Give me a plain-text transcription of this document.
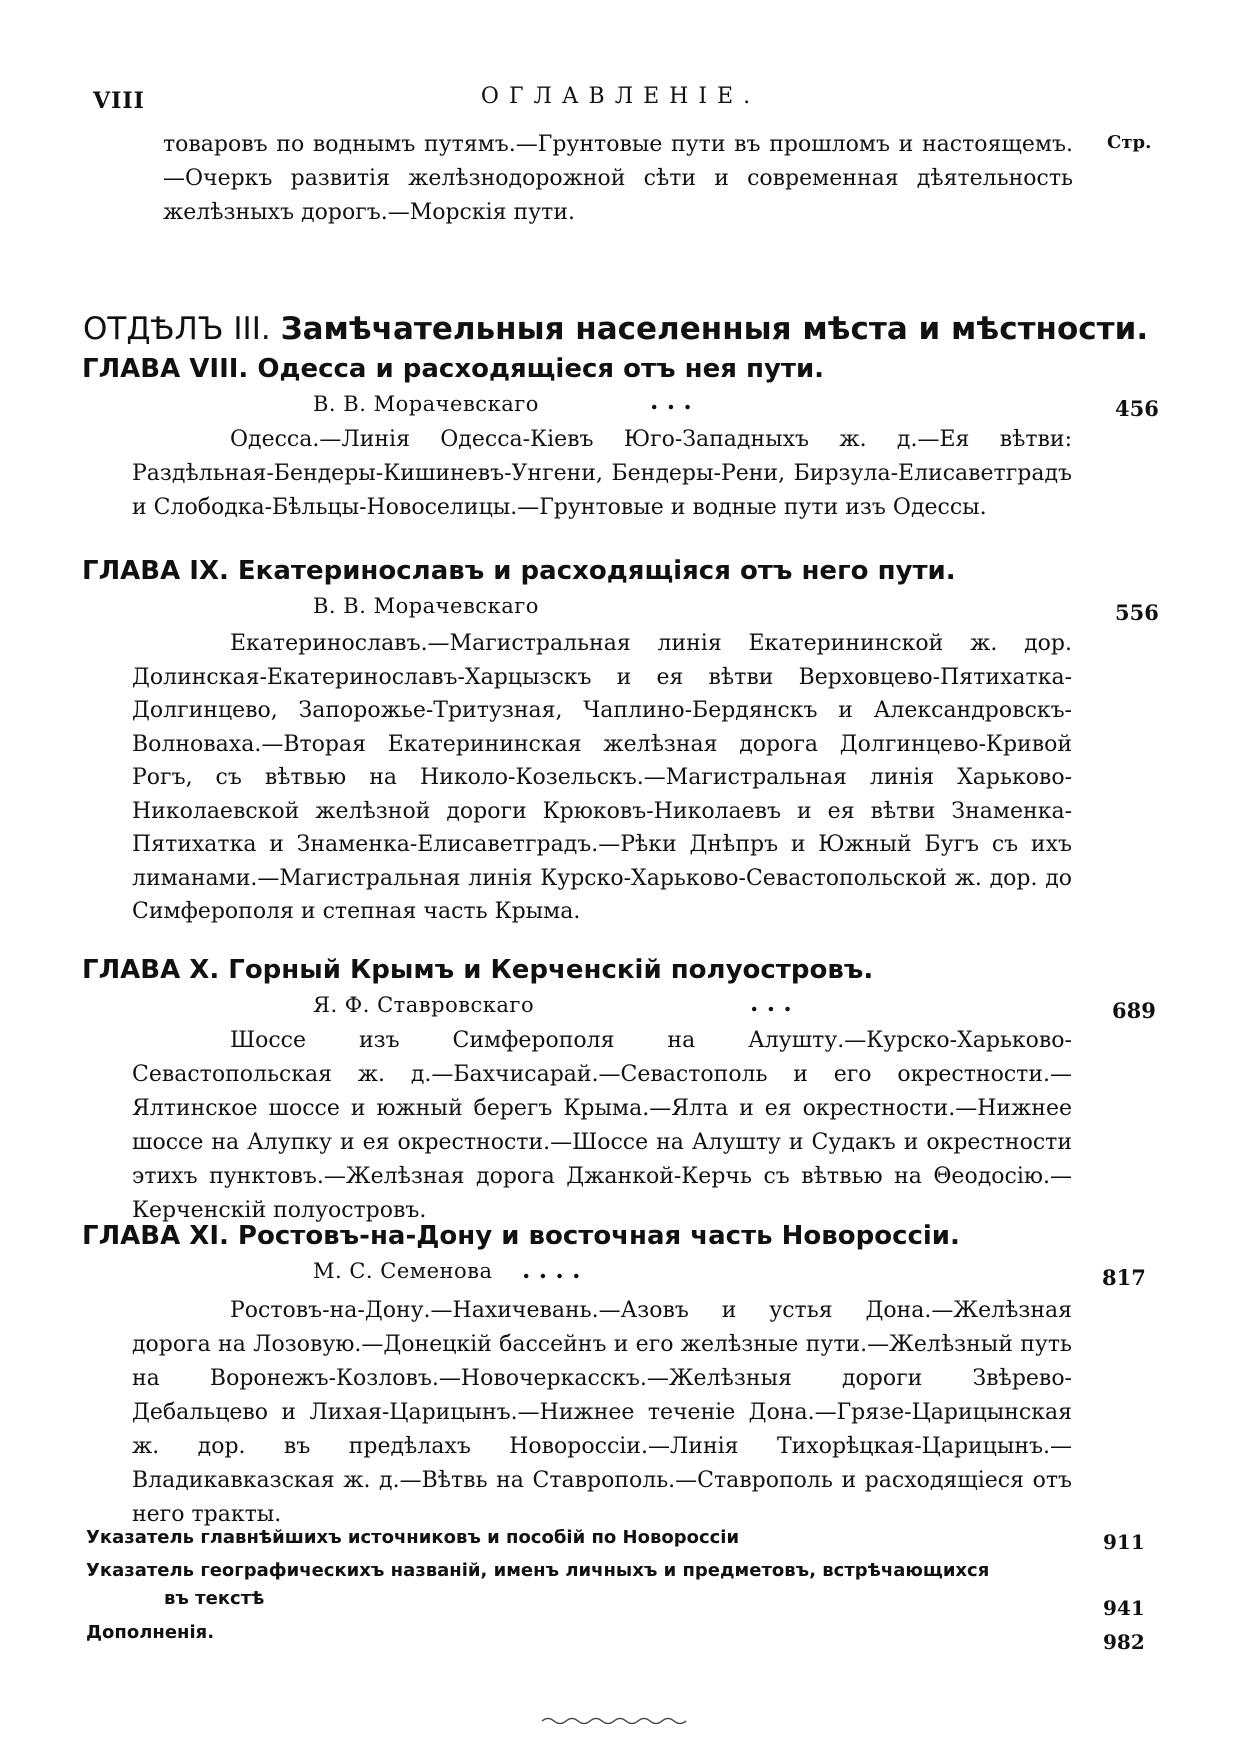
VIII	ОГЛАВЛЕНІЕ.
Стр.
товаровъ по воднымъ путямъ.—Грунтовые пути въ прошломъ и настоящемъ.—Очеркъ развитія желѣзнодорожной сѣти и современная дѣятельность желѣзныхъ дорогъ.—Морскія пути.
ОТДѢЛЪ III. Замѣчательныя населенныя мѣста и мѣстности.
ГЛАВА VIII. Одесса и расходящіеся отъ нея пути.
В. В. Морачевскаго	. . .	456
Одесса.—Линія Одесса-Кіевъ Юго-Западныхъ ж. д.—Ея вѣтви: Раздѣльная-Бендеры-Кишиневъ-Унгени, Бендеры-Рени, Бирзула-Елисаветградъ и Слободка-Бѣльцы-Новоселицы.—Грунтовые и водные пути изъ Одессы.
ГЛАВА IX. Екатеринославъ и расходящіяся отъ него пути.
В. В. Морачевскаго	556
Екатеринославъ.—Магистральная линія Екатерининской ж. дор. Долинская-Екатеринославъ-Харцызскъ и ея вѣтви Верховцево-Пятихатка-Долгинцево, Запорожье-Тритузная, Чаплино-Бердянскъ и Александровскъ-Волноваха.—Вторая Екатерининская желѣзная дорога Долгинцево-Кривой Рогъ, съ вѣтвью на Николо-Козельскъ.—Магистральная линія Харьково-Николаевской желѣзной дороги Крюковъ-Николаевъ и ея вѣтви Знаменка-Пятихатка и Знаменка-Елисаветградъ.—Рѣки Днѣпръ и Южный Бугъ съ ихъ лиманами.—Магистральная линія Курско-Харьково-Севастопольской ж. дор. до Симферополя и степная часть Крыма.
ГЛАВА X. Горный Крымъ и Керченскій полуостровъ.
Я. Ф. Ставровскаго	. . .	689
Шоссе изъ Симферополя на Алушту.—Курско-Харьково-Севастопольская ж. д.—Бахчисарай.—Севастополь и его окрестности.—Ялтинское шоссе и южный берегъ Крыма.—Ялта и ея окрестности.—Нижнее шоссе на Алупку и ея окрестности.—Шоссе на Алушту и Судакъ и окрестности этихъ пунктовъ.—Желѣзная дорога Джанкой-Керчь съ вѣтвью на Θеодосію.—Керченскій полуостровъ.
ГЛАВА XI. Ростовъ-на-Дону и восточная часть Новороссіи.
М. С. Семенова . . . .	817
Ростовъ-на-Дону.—Нахичевань.—Азовъ и устья Дона.—Желѣзная дорога на Лозовую.—Донецкій бассейнъ и его желѣзные пути.—Желѣзный путь на Воронежъ-Козловъ.—Новочеркасскъ.—Желѣзныя дороги Звѣрево-Дебальцево и Лихая-Царицынъ.—Нижнее теченіе Дона.—Грязе-Царицынская ж. дор. въ предѣлахъ Новороссіи.—Линія Тихорѣцкая-Царицынъ.—Владикавказская ж. д.—Вѣтвь на Ставрополь.—Ставрополь и расходящіеся отъ него тракты.
Указатель главнѣйшихъ источниковъ и пособій по Новороссіи	911
Указатель географическихъ названій, именъ личныхъ и предметовъ, встрѣчающихся
въ текстѣ	941
Дополненія.	982
